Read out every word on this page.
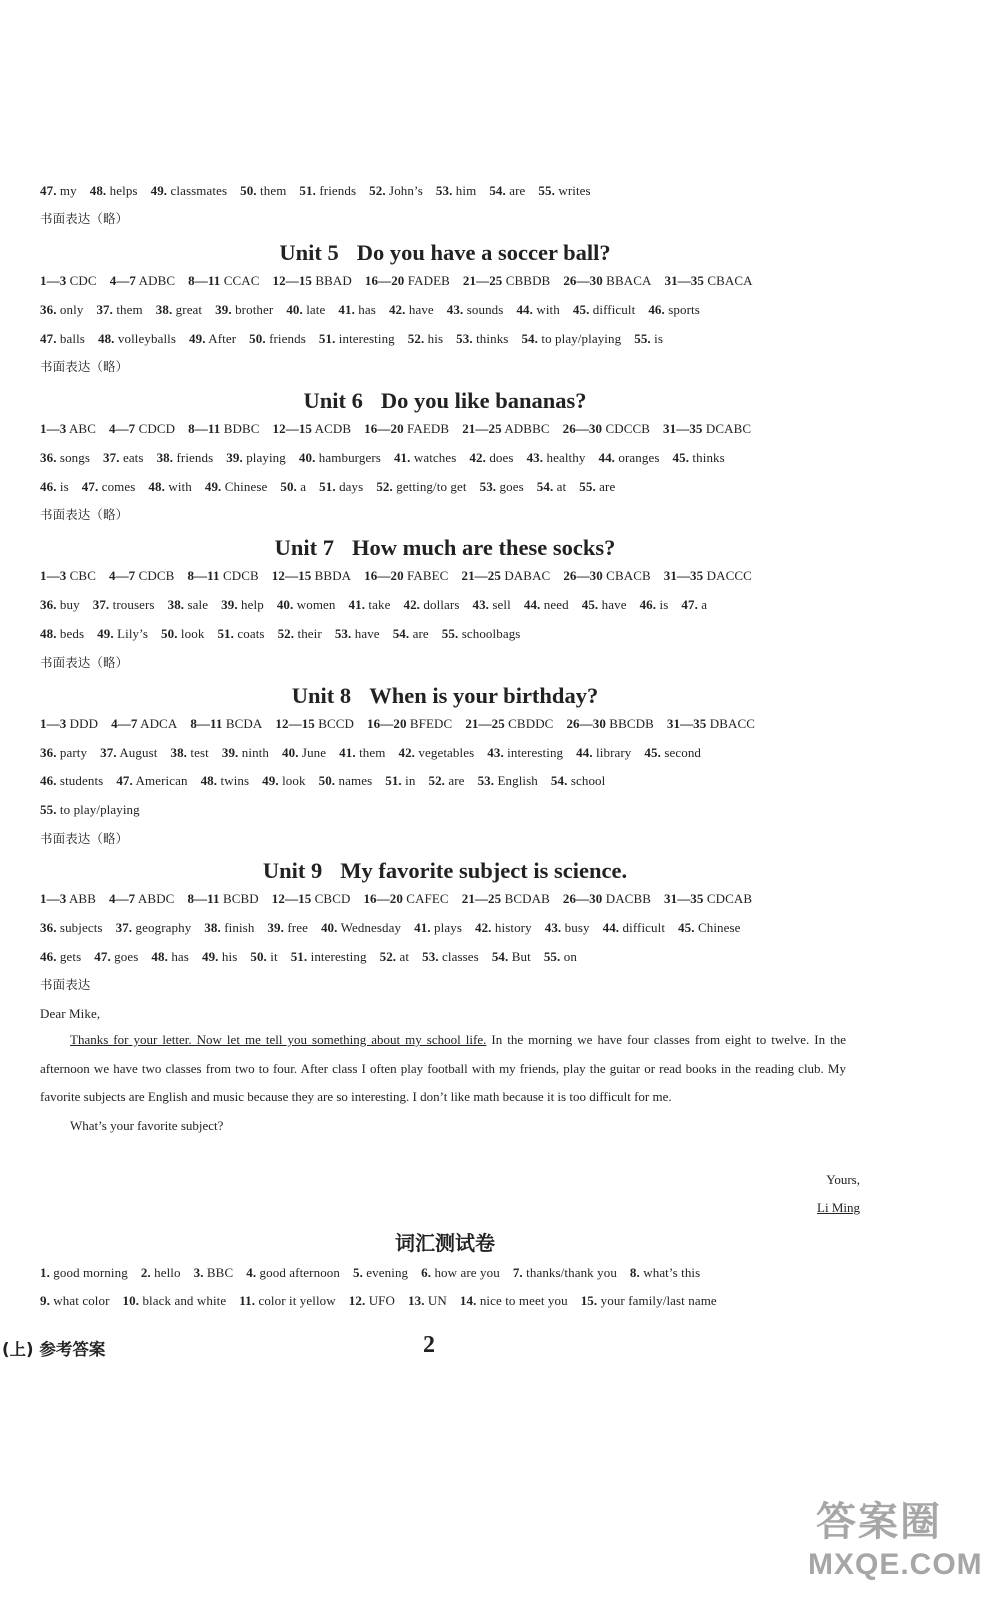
47. my 48. helps 49. classmates 50. them 51. friends 52. John’s 53. him 54. are 55. writes
书面表达（略）
Unit 5 Do you have a soccer ball?
1—3 CDC 4—7 ADBC 8—11 CCAC 12—15 BBAD 16—20 FADEB 21—25 CBBDB 26—30 BBACA 31—35 CBACA
36. only 37. them 38. great 39. brother 40. late 41. has 42. have 43. sounds 44. with 45. difficult 46. sports
47. balls 48. volleyballs 49. After 50. friends 51. interesting 52. his 53. thinks 54. to play/playing 55. is
书面表达（略）
Unit 6 Do you like bananas?
1—3 ABC 4—7 CDCD 8—11 BDBC 12—15 ACDB 16—20 FAEDB 21—25 ADBBC 26—30 CDCCB 31—35 DCABC
36. songs 37. eats 38. friends 39. playing 40. hamburgers 41. watches 42. does 43. healthy 44. oranges 45. thinks
46. is 47. comes 48. with 49. Chinese 50. a 51. days 52. getting/to get 53. goes 54. at 55. are
书面表达（略）
Unit 7 How much are these socks?
1—3 CBC 4—7 CDCB 8—11 CDCB 12—15 BBDA 16—20 FABEC 21—25 DABAC 26—30 CBACB 31—35 DACCC
36. buy 37. trousers 38. sale 39. help 40. women 41. take 42. dollars 43. sell 44. need 45. have 46. is 47. a
48. beds 49. Lily’s 50. look 51. coats 52. their 53. have 54. are 55. schoolbags
书面表达（略）
Unit 8 When is your birthday?
1—3 DDD 4—7 ADCA 8—11 BCDA 12—15 BCCD 16—20 BFEDC 21—25 CBDDC 26—30 BBCDB 31—35 DBACC
36. party 37. August 38. test 39. ninth 40. June 41. them 42. vegetables 43. interesting 44. library 45. second
46. students 47. American 48. twins 49. look 50. names 51. in 52. are 53. English 54. school
55. to play/playing
书面表达（略）
Unit 9 My favorite subject is science.
1—3 ABB 4—7 ABDC 8—11 BCBD 12—15 CBCD 16—20 CAFEC 21—25 BCDAB 26—30 DACBB 31—35 CDCAB
36. subjects 37. geography 38. finish 39. free 40. Wednesday 41. plays 42. history 43. busy 44. difficult 45. Chinese
46. gets 47. goes 48. has 49. his 50. it 51. interesting 52. at 53. classes 54. But 55. on
书面表达
Dear Mike,

Thanks for your letter. Now let me tell you something about my school life. In the morning we have four classes from eight to twelve. In the afternoon we have two classes from two to four. After class I often play football with my friends, play the guitar or read books in the reading club. My favorite subjects are English and music because they are so interesting. I don’t like math because it is too difficult for me.

What’s your favorite subject?

Yours,
Li Ming
词汇测试卷
1. good morning 2. hello 3. BBC 4. good afternoon 5. evening 6. how are you 7. thanks/thank you 8. what’s this
9. what color 10. black and white 11. color it yellow 12. UFO 13. UN 14. nice to meet you 15. your family/last name
(上) 参考答案	2
答案圈
MXQE.COM
